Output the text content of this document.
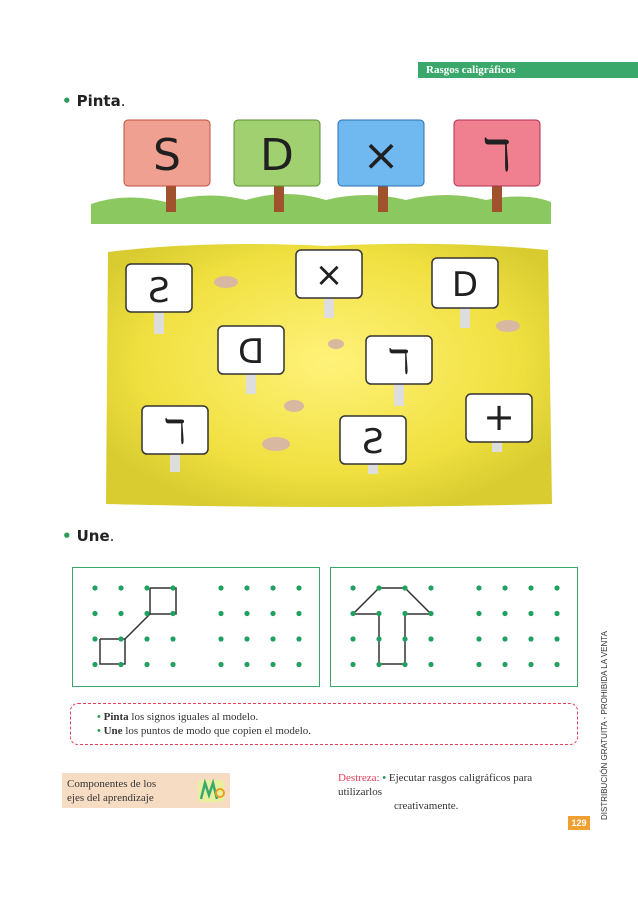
Rasgos caligráficos
• Pinta.
S D × ℸ
S	×	D
D	ℸ
ℸ	S
+
• Une.
• Pinta los signos iguales al modelo.
• Une los puntos de modo que copien el modelo.
Componentes de los
ejes del aprendizaje
Destreza: • Ejecutar rasgos caligráficos para utilizarlos
creativamente.
129
DISTRIBUCIÓN GRATUITA - PROHIBIDA LA VENTA
